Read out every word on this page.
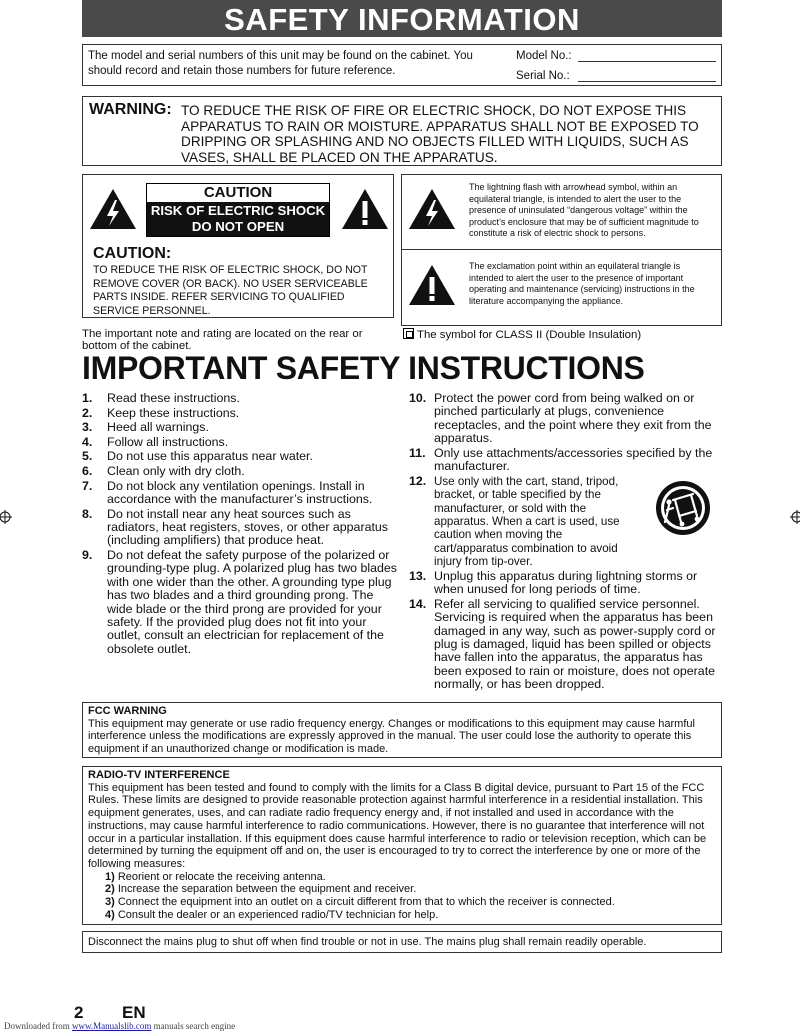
SAFETY INFORMATION
The model and serial numbers of this unit may be found on the cabinet. You should record and retain those numbers for future reference.
Model No.:
Serial No.:
WARNING: TO REDUCE THE RISK OF FIRE OR ELECTRIC SHOCK, DO NOT EXPOSE THIS APPARATUS TO RAIN OR MOISTURE. APPARATUS SHALL NOT BE EXPOSED TO DRIPPING OR SPLASHING AND NO OBJECTS FILLED WITH LIQUIDS, SUCH AS VASES, SHALL BE PLACED ON THE APPARATUS.
CAUTION
RISK OF ELECTRIC SHOCK
DO NOT OPEN
CAUTION:
TO REDUCE THE RISK OF ELECTRIC SHOCK, DO NOT REMOVE COVER (OR BACK). NO USER SERVICEABLE PARTS INSIDE. REFER SERVICING TO QUALIFIED SERVICE PERSONNEL.
The lightning flash with arrowhead symbol, within an equilateral triangle, is intended to alert the user to the presence of uninsulated “dangerous voltage” within the product’s enclosure that may be of sufficient magnitude to constitute a risk of electric shock to persons.
The exclamation point within an equilateral triangle is intended to alert the user to the presence of important operating and maintenance (servicing) instructions in the literature accompanying the appliance.
The important note and rating are located on the rear or bottom of the cabinet.
The symbol for CLASS II (Double Insulation)
IMPORTANT SAFETY INSTRUCTIONS
1. Read these instructions.
2. Keep these instructions.
3. Heed all warnings.
4. Follow all instructions.
5. Do not use this apparatus near water.
6. Clean only with dry cloth.
7. Do not block any ventilation openings. Install in accordance with the manufacturer’s instructions.
8. Do not install near any heat sources such as radiators, heat registers, stoves, or other apparatus (including amplifiers) that produce heat.
9. Do not defeat the safety purpose of the polarized or grounding-type plug. A polarized plug has two blades with one wider than the other. A grounding type plug has two blades and a third grounding prong. The wide blade or the third prong are provided for your safety. If the provided plug does not fit into your outlet, consult an electrician for replacement of the obsolete outlet.
10. Protect the power cord from being walked on or pinched particularly at plugs, convenience receptacles, and the point where they exit from the apparatus.
11. Only use attachments/accessories specified by the manufacturer.
12. Use only with the cart, stand, tripod, bracket, or table specified by the manufacturer, or sold with the apparatus. When a cart is used, use caution when moving the cart/apparatus combination to avoid injury from tip-over.
13. Unplug this apparatus during lightning storms or when unused for long periods of time.
14. Refer all servicing to qualified service personnel. Servicing is required when the apparatus has been damaged in any way, such as power-supply cord or plug is damaged, liquid has been spilled or objects have fallen into the apparatus, the apparatus has been exposed to rain or moisture, does not operate normally, or has been dropped.
FCC WARNING
This equipment may generate or use radio frequency energy. Changes or modifications to this equipment may cause harmful interference unless the modifications are expressly approved in the manual. The user could lose the authority to operate this equipment if an unauthorized change or modification is made.
RADIO-TV INTERFERENCE
This equipment has been tested and found to comply with the limits for a Class B digital device, pursuant to Part 15 of the FCC Rules. These limits are designed to provide reasonable protection against harmful interference in a residential installation. This equipment generates, uses, and can radiate radio frequency energy and, if not installed and used in accordance with the instructions, may cause harmful interference to radio communications. However, there is no guarantee that interference will not occur in a particular installation. If this equipment does cause harmful interference to radio or television reception, which can be determined by turning the equipment off and on, the user is encouraged to try to correct the interference by one or more of the following measures:
1) Reorient or relocate the receiving antenna.
2) Increase the separation between the equipment and receiver.
3) Connect the equipment into an outlet on a circuit different from that to which the receiver is connected.
4) Consult the dealer or an experienced radio/TV technician for help.
Disconnect the mains plug to shut off when find trouble or not in use. The mains plug shall remain readily operable.
2 EN
Downloaded from www.Manualslib.com manuals search engine
